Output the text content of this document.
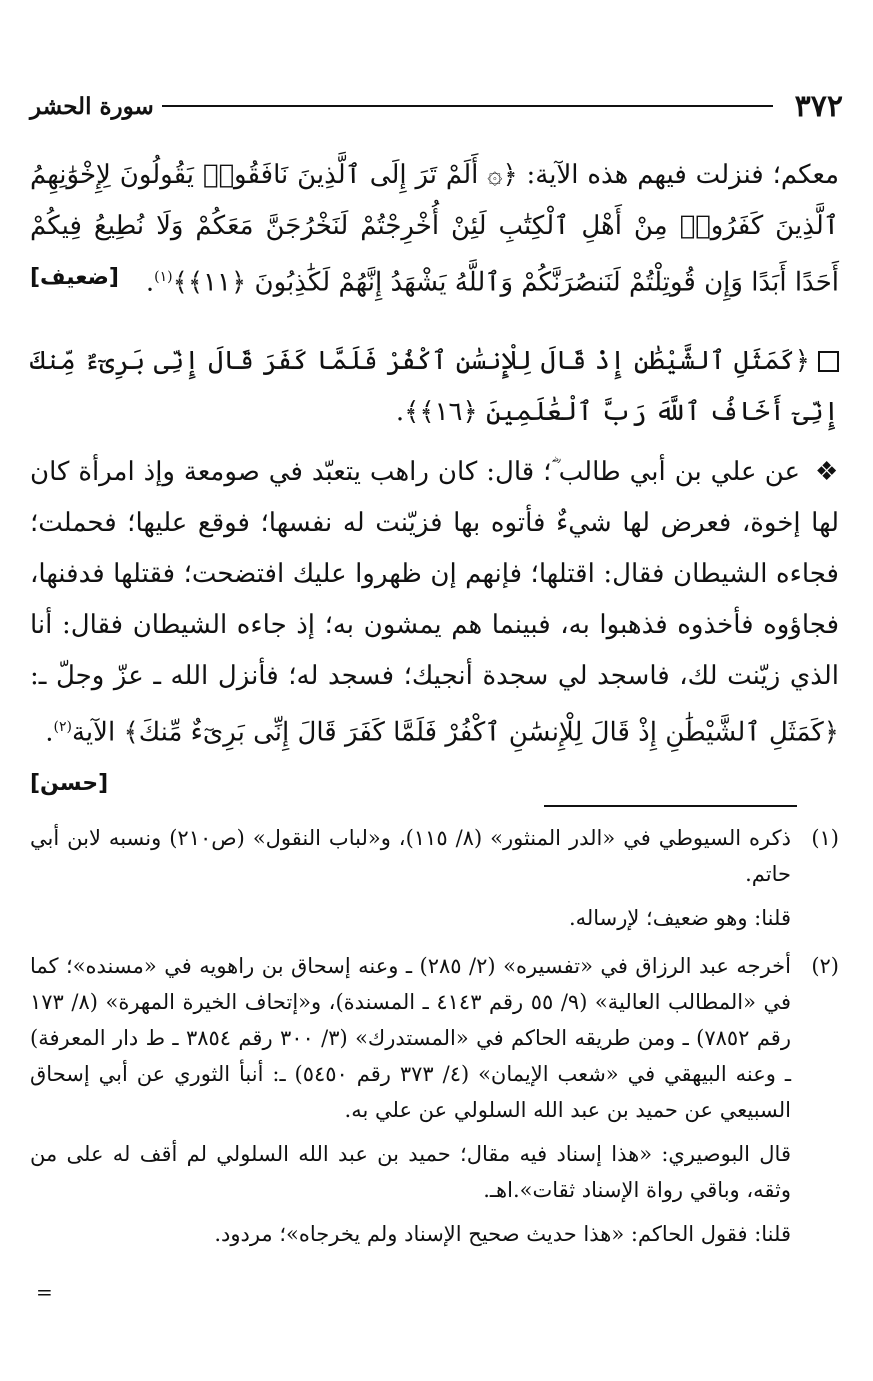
٣٧٢
سورة الحشر

معكم؛ فنزلت فيهم هذه الآية: ﴿۞ أَلَمْ تَرَ إِلَى ٱلَّذِينَ نَافَقُوا۟ يَقُولُونَ لِإِخْوَٰنِهِمُ ٱلَّذِينَ كَفَرُوا۟ مِنْ أَهْلِ ٱلْكِتَٰبِ لَئِنْ أُخْرِجْتُمْ لَنَخْرُجَنَّ مَعَكُمْ وَلَا نُطِيعُ فِيكُمْ أَحَدًا أَبَدًا وَإِن قُوتِلْتُمْ لَنَنصُرَنَّكُمْ وَٱللَّهُ يَشْهَدُ إِنَّهُمْ لَكَٰذِبُونَ ﴿١١﴾﴾$^{(١)}$.
[ضعيف]

﴿كَمَثَلِ ٱلشَّيْطَٰنِ إِذْ قَالَ لِلْإِنسَٰنِ ٱكْفُرْ فَلَمَّا كَفَرَ قَالَ إِنِّى بَرِىٓءٌ مِّنكَ إِنِّىٓ أَخَافُ ٱللَّهَ رَبَّ ٱلْعَٰلَمِينَ ﴿١٦﴾﴾.

❖ عن علي بن أبي طالب ؓ؛ قال: كان راهب يتعبّد في صومعة وإذ امرأة كان لها إخوة، فعرض لها شيءٌ فأتوه بها فزيّنت له نفسها؛ فوقع عليها؛ فحملت؛ فجاءه الشيطان فقال: اقتلها؛ فإنهم إن ظهروا عليك افتضحت؛ فقتلها فدفنها، فجاؤوه فأخذوه فذهبوا به، فبينما هم يمشون به؛ إذ جاءه الشيطان فقال: أنا الذي زيّنت لك، فاسجد لي سجدة أنجيك؛ فسجد له؛ فأنزل الله ـ عزّ وجلّ ـ: ﴿كَمَثَلِ ٱلشَّيْطَٰنِ إِذْ قَالَ لِلْإِنسَٰنِ ٱكْفُرْ فَلَمَّا كَفَرَ قَالَ إِنِّى بَرِىٓءٌ مِّنكَ﴾ الآية$^{(٢)}$.
[حسن]

(١)

ذكره السيوطي في «الدر المنثور» (٨/ ١١٥)، و«لباب النقول» (ص٢١٠) ونسبه لابن أبي حاتم.

قلنا: وهو ضعيف؛ لإرساله.

(٢)

أخرجه عبد الرزاق في «تفسيره» (٢/ ٢٨٥) ـ وعنه إسحاق بن راهويه في «مسنده»؛ كما في «المطالب العالية» (٩/ ٥٥ رقم ٤١٤٣ ـ المسندة)، و«إتحاف الخيرة المهرة» (٨/ ١٧٣ رقم ٧٨٥٢) ـ ومن طريقه الحاكم في «المستدرك» (٣/ ٣٠٠ رقم ٣٨٥٤ ـ ط دار المعرفة) ـ وعنه البيهقي في «شعب الإيمان» (٤/ ٣٧٣ رقم ٥٤٥٠) ـ: أنبأ الثوري عن أبي إسحاق السبيعي عن حميد بن عبد الله السلولي عن علي به.

قال البوصيري: «هذا إسناد فيه مقال؛ حميد بن عبد الله السلولي لم أقف له على من وثقه، وباقي رواة الإسناد ثقات».اهـ.

قلنا: فقول الحاكم: «هذا حديث صحيح الإسناد ولم يخرجاه»؛ مردود.

=
